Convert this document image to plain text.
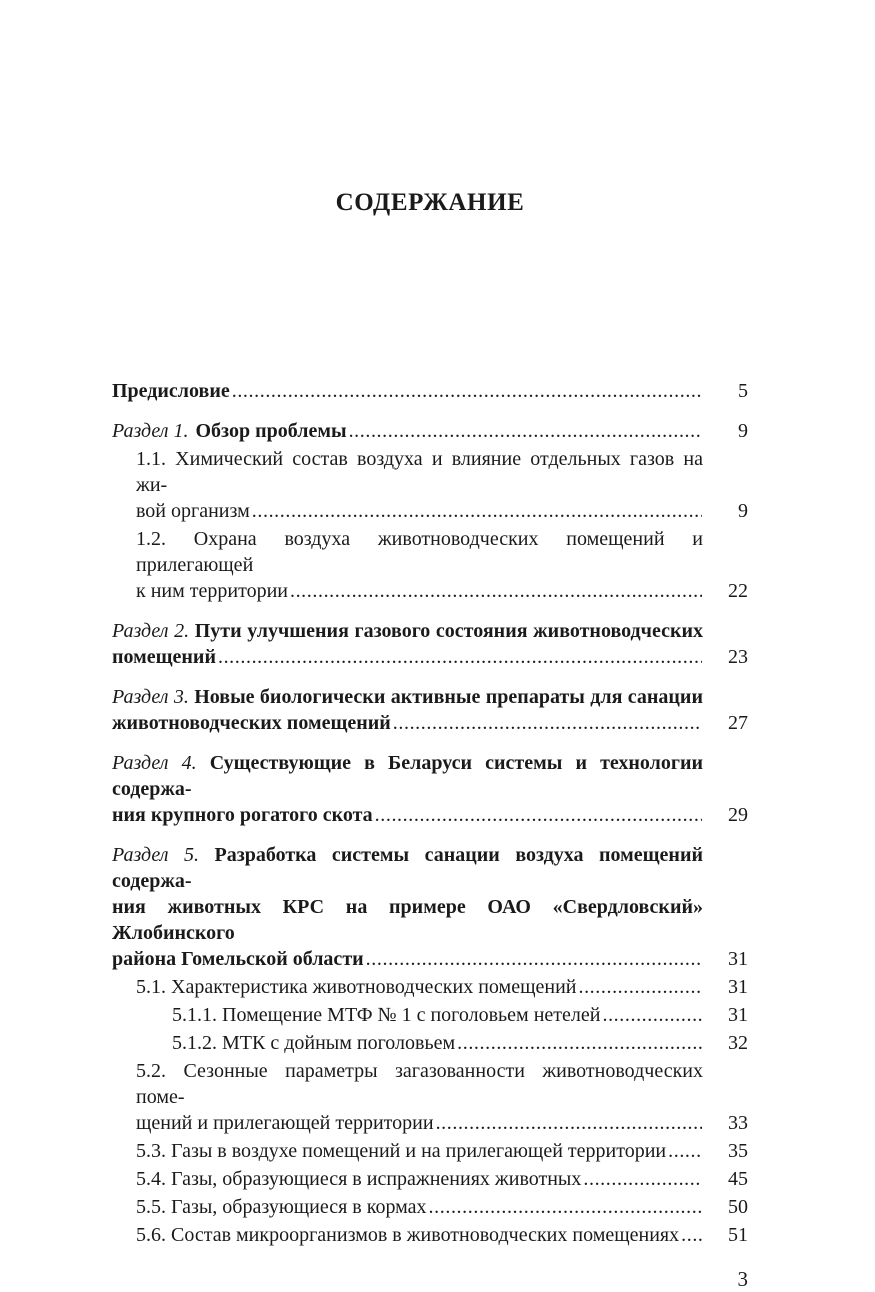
СОДЕРЖАНИЕ
Предисловие .....	5
Раздел 1. Обзор проблемы .....	9
1.1. Химический состав воздуха и влияние отдельных газов на жи-
вой организм .....	9
1.2. Охрана воздуха животноводческих помещений и прилегающей
к ним территории .....	22
Раздел 2. Пути улучшения газового состояния животноводческих
помещений .....	23
Раздел 3. Новые биологически активные препараты для санации
животноводческих помещений .....	27
Раздел 4. Существующие в Беларуси системы и технологии содержа-
ния крупного рогатого скота .....	29
Раздел 5. Разработка системы санации воздуха помещений содержа-
ния животных КРС на примере ОАО «Свердловский» Жлобинского
района Гомельской области .....	31
5.1. Характеристика животноводческих помещений .....	31
5.1.1. Помещение МТФ № 1 с поголовьем нетелей .....	31
5.1.2. МТК с дойным поголовьем .....	32
5.2. Сезонные параметры загазованности животноводческих поме-
щений и прилегающей территории .....	33
5.3. Газы в воздухе помещений и на прилегающей территории .....	35
5.4. Газы, образующиеся в испражнениях животных .....	45
5.5. Газы, образующиеся в кормах .....	50
5.6. Состав микроорганизмов в животноводческих помещениях .....	51
3
